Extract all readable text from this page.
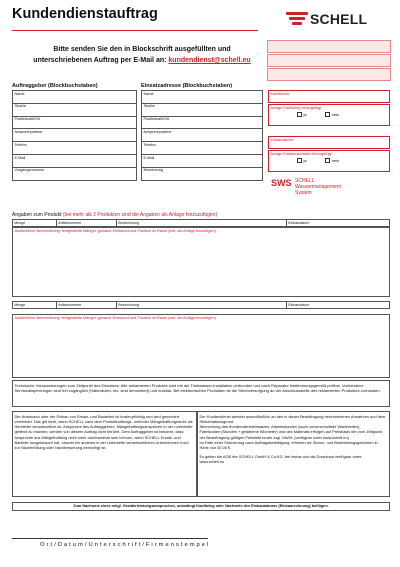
Kundendienstauftrag	SCHELL
Bitte senden Sie den in Blockschrift ausgefüllten und
unterschriebenen Auftrag per E-Mail an: kundendienst@schell.eu
Auftraggeber (Blockbuchstaben)	Einsatzadresse (Blockbuchstaben)
Name
Straße
Postleitzahl/Ort
Ansprechpartner
Telefon
E-Mail
Vorgangsnummer
Name
Straße
Postleitzahl/Ort
Ansprechpartner
Telefon
E-Mail
Bemerkung
Kaufdatum:
Anlage Kaufbeleg hinzugefügt
ja	nein
Einbaudatum:
Anlage Einbaunachweis hinzugefügt
ja	nein
SWS SCHELL
Wassermanagement
System
Angaben zum Produkt (bei mehr als 2 Produkten sind die Angaben als Anlage hinzuzufügen)
Menge	Artikelnummer	Bezeichnung	Einbaudatum
Ausführliche Beschreibung: festgestellte Mängel; genauer Einbauort und Position im Raum (evtl. als Anlage hinzufügen)
Menge	Artikelnummer	Bezeichnung	Einbaudatum
Ausführliche Beschreibung: festgestellte Mängel; genauer Einbauort und Position im Raum (evtl. als Anlage hinzufügen)
Technische Voraussetzungen zum Zeitpunkt des Einsatzes: Alle reklamierten Produkte sind mit der Trinkwasser-Installation verbunden und nach Reparatur bestimmungsgemäß prüfbar. Vorhandene Serviceabsperrungen sind frei zugänglich (Halteräulen, etc. sind demontiert) und nutzbar. Bei elektronischen Produkten ist die Stromversorgung an der Anschlussstelle des reklamierten Produktes vorhanden.
Der Austausch oder der Einbau von Ersatz- und Bauteilen ist kostenpflichtig und wird gesondert vereinbart. Das gilt nicht, wenn SCHELL nach dem Produkthaftungs- und/oder Mängelhaftungsrecht als Hersteller verantwortlich ist. Ansprüche des Auftraggebers, Mängelhaftungsansprüche in der Lieferkette geltend zu machen, werden von diesem Auftrag nicht berührt. Dem Auftraggeber ist bekannt, dass Ansprüche aus Mängelhaftung nicht mehr durchsetzbar sein können, wenn SCHELL Ersatz- und Bauteile ausgetauscht hat, obwohl ein anderes in der Lieferkette verantwortliches Unternehmen noch zur Nacherfüllung oder Nachbesserung berechtigt ist.
Der Kundendienst arbeitet ausschließlich an den in dieser Beauftragung beschriebenen Armaturen und dem Reklamationsgrund.
Abrechnung des Kundendiensteinsatzes, Arbeitsstunden (auch vorverschuldete Wartezeiten),
Fahrtkosten (Stunden + gefahrene Kilometer) und des Materials erfolgen auf Preisbasis der zum Zeitpunkt der Beauftragung gültigen Preisliste brutto zzgl. MwSt. (verfügbar unter www.schell.eu)
Im Falle einer Stornierung nach Auftragsbestätigung, erheben wir Storno- und Bearbeitungsgebühren in Höhe von 50,00 €.
Es gelten die AGB der SCHELL GmbH & Co.KG, frei lesbar und als Download verfügbar unter: www.schell.eu
Zum Nachweis eines mögl. Gewährleistungsanspruches, unbedingt Kaufbeleg oder Nachweis des Einbaudatums (Einbaurechnung) beifügen.
O r t / D a t u m / U n t e r s c h r i f t / F i r m e n s t e m p e l
